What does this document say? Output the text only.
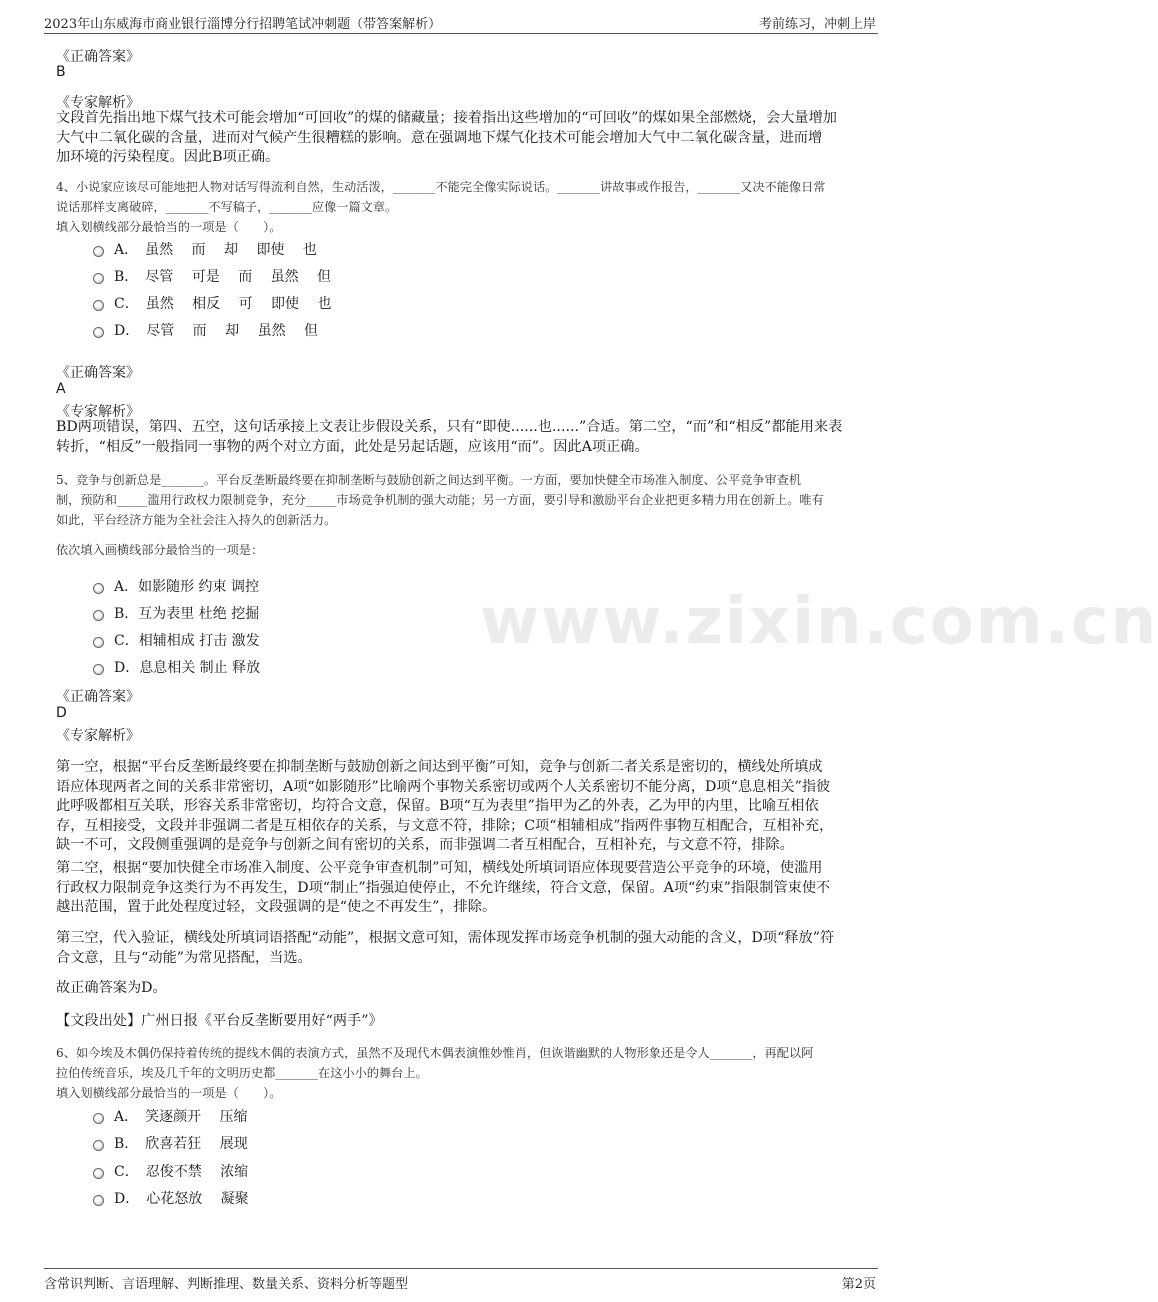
2023年山东威海市商业银行淄博分行招聘笔试冲刺题（带答案解析）	考前练习，冲刺上岸
www.zixin.com.cn
《正确答案》
B
《专家解析》
文段首先指出地下煤气技术可能会增加“可回收”的煤的储藏量；接着指出这些增加的“可回收”的煤如果全部燃烧，会大量增加
大气中二氧化碳的含量，进而对气候产生很糟糕的影响。意在强调地下煤气化技术可能会增加大气中二氧化碳含量，进而增
加环境的污染程度。因此B项正确。
4、小说家应该尽可能地把人物对话写得流利自然，生动活泼，_______不能完全像实际说话。_______讲故事或作报告，_______又决不能像日常
说话那样支离破碎，_______不写稿子，_______应像一篇文章。
填入划横线部分最恰当的一项是（　　）。
A．　虽然　 而　 却　 即使　 也
B．　尽管　 可是　 而　 虽然　 但
C．　虽然　 相反　 可　 即使　 也
D．　尽管　 而　 却　 虽然　 但
《正确答案》
A
《专家解析》
BD两项错误，第四、五空，这句话承接上文表让步假设关系，只有“即使......也......”合适。第二空，“而”和“相反”都能用来表
转折，“相反”一般指同一事物的两个对立方面，此处是另起话题，应该用“而”。因此A项正确。
5、竞争与创新总是_______。平台反垄断最终要在抑制垄断与鼓励创新之间达到平衡。一方面，要加快健全市场准入制度、公平竞争审查机
制，预防和_____滥用行政权力限制竞争，充分_____市场竞争机制的强大动能；另一方面，要引导和激励平台企业把更多精力用在创新上。唯有
如此，平台经济方能为全社会注入持久的创新活力。
依次填入画横线部分最恰当的一项是：
A．如影随形 约束 调控
B．互为表里 杜绝 挖掘
C．相辅相成 打击 激发
D．息息相关 制止 释放
《正确答案》
D
《专家解析》
第一空，根据“平台反垄断最终要在抑制垄断与鼓励创新之间达到平衡”可知，竞争与创新二者关系是密切的，横线处所填成
语应体现两者之间的关系非常密切，A项“如影随形”比喻两个事物关系密切或两个人关系密切不能分离，D项“息息相关”指彼
此呼吸都相互关联，形容关系非常密切，均符合文意，保留。B项“互为表里”指甲为乙的外表，乙为甲的内里，比喻互相依
存，互相接受，文段并非强调二者是互相依存的关系，与文意不符，排除；C项“相辅相成”指两件事物互相配合，互相补充，
缺一不可，文段侧重强调的是竞争与创新之间有密切的关系，而非强调二者互相配合，互相补充，与文意不符，排除。
第二空，根据“要加快健全市场准入制度、公平竞争审查机制”可知，横线处所填词语应体现要营造公平竞争的环境，使滥用
行政权力限制竞争这类行为不再发生，D项“制止”指强迫使停止，不允许继续，符合文意，保留。A项“约束”指限制管束使不
越出范围，置于此处程度过轻，文段强调的是“使之不再发生”，排除。
第三空，代入验证，横线处所填词语搭配“动能”，根据文意可知，需体现发挥市场竞争机制的强大动能的含义，D项“释放”符
合文意，且与“动能”为常见搭配，当选。
故正确答案为D。
【文段出处】广州日报《平台反垄断要用好“两手”》
6、如今埃及木偶仍保持着传统的提线木偶的表演方式，虽然不及现代木偶表演惟妙惟肖，但诙谐幽默的人物形象还是令人_______，再配以阿
拉伯传统音乐，埃及几千年的文明历史都_______在这小小的舞台上。
填入划横线部分最恰当的一项是（　　）。
A．　笑逐颜开　 压缩
B．　欣喜若狂　 展现
C．　忍俊不禁　 浓缩
D．　心花怒放　 凝聚
含常识判断、言语理解、判断推理、数量关系、资料分析等题型	第2页
